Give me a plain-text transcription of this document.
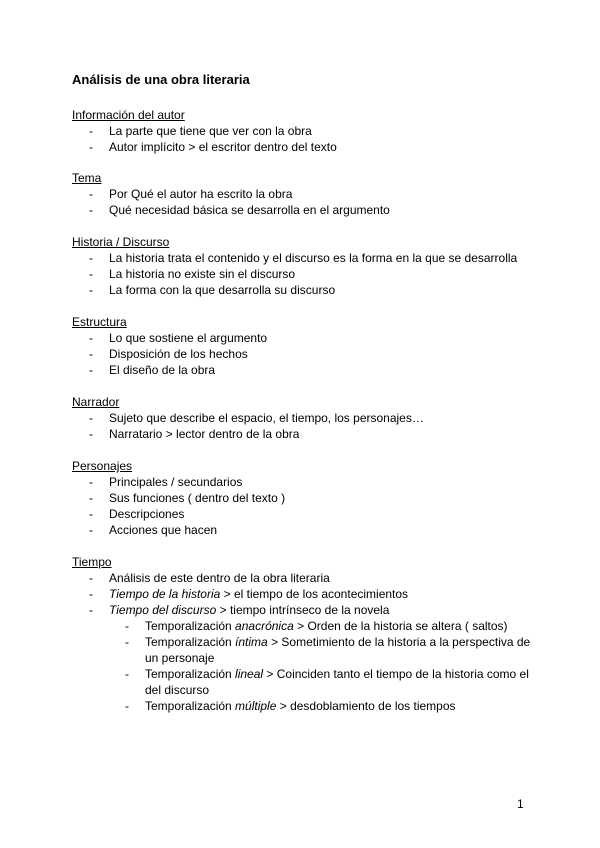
Análisis de una obra literaria

Información del autor

- La parte que tiene que ver con la obra
- Autor implícito > el escritor dentro del texto

Tema

- Por Qué el autor ha escrito la obra
- Qué necesidad básica se desarrolla en el argumento

Historia / Discurso

- La historia trata el contenido y el discurso es la forma en la que se desarrolla
- La historia no existe sin el discurso
- La forma con la que desarrolla su discurso

Estructura

- Lo que sostiene el argumento
- Disposición de los hechos
- El diseño de la obra

Narrador

- Sujeto que describe el espacio, el tiempo, los personajes…
- Narratario > lector dentro de la obra

Personajes

- Principales / secundarios
- Sus funciones ( dentro del texto )
- Descripciones
- Acciones que hacen

Tiempo

- Análisis de este dentro de la obra literaria
- Tiempo de la historia > el tiempo de los acontecimientos
- Tiempo del discurso > tiempo intrínseco de la novela
- Temporalización anacrónica > Orden de la historia se altera ( saltos)
- Temporalización íntima > Sometimiento de la historia a la perspectiva de un personaje
- Temporalización lineal > Coinciden tanto el tiempo de la historia como el del discurso
- Temporalización múltiple > desdoblamiento de los tiempos
1
